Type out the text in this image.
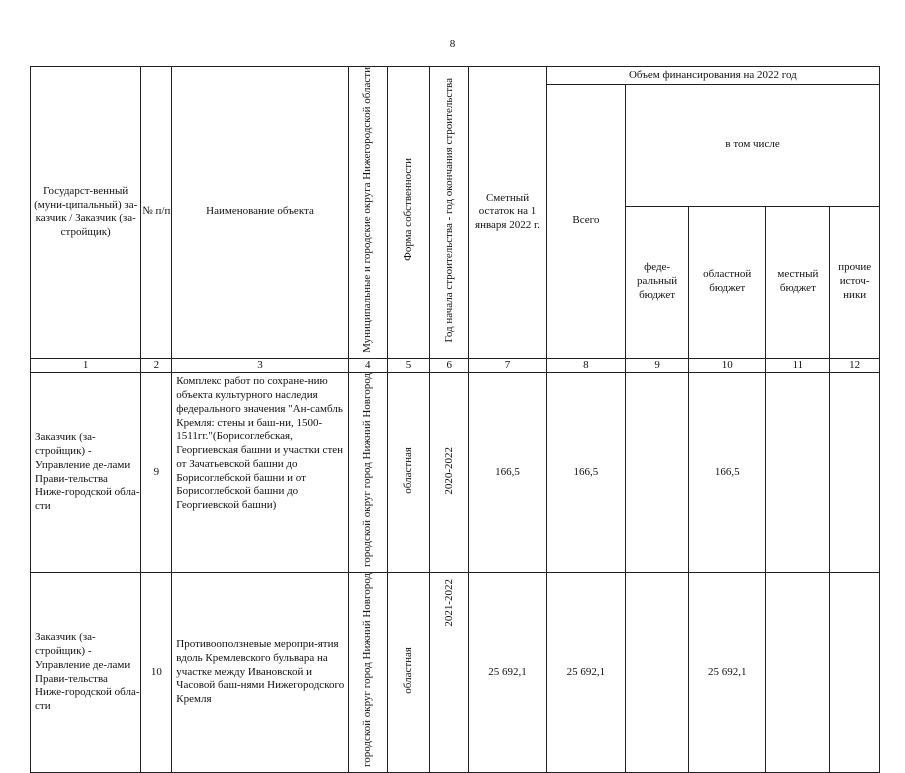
8
Государст-венный (муни-ципальный) за-казчик / Заказчик (за-стройщик)	№ п/п	Наименование объекта	Муниципальные и городские округа Нижегородской области	Форма собственности	Год начала строительства - год окончания строительства	Сметный остаток на 1 января 2022 г.	Объем финансирования на 2022 год				
							Всего	в том числе			
								феде-ральный бюджет	областной бюджет	местный бюджет	прочие источ-ники
1	2	3	4	5	6	7	8	9	10	11	12
Заказчик (за-стройщик) - Управление де-лами Прави-тельства Ниже-городской обла-сти	9	Комплекс работ по сохране-нию
объекта культурного наследия федерального значения "Ан-самбль Кремля: стены и баш-ни, 1500-
1511гг."(Борисоглебская, Георгиевская башни и участки стен от Зачатьевской башни до
Борисоглебской башни и от Борисоглебской башни до Георгиевской башни)	городской округ город Нижний Новгород	областная	2020-2022	166,5	166,5		166,5		
Заказчик (за-стройщик) - Управление де-лами Прави-тельства Ниже-городской обла-сти	10	Противооползневые меропри-ятия вдоль Кремлевского бульвара на участке между Ивановской и Часовой баш-нями Нижегородского Кремля	городской округ город Нижний Новгород	областная	2021-2022	25 692,1	25 692,1		25 692,1		
